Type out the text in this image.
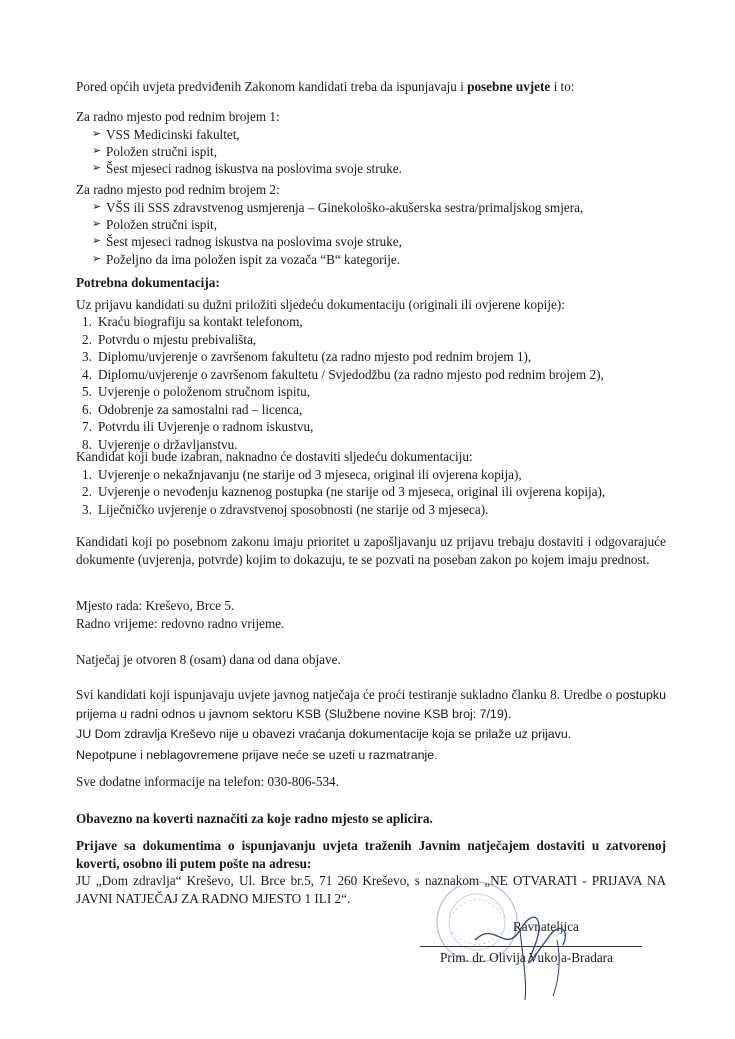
Pored općih uvjeta predviđenih Zakonom kandidati treba da ispunjavaju i posebne uvjete i to:

Za radno mjesto pod rednim brojem 1:

➢ VSS Medicinski fakultet,
➢ Položen stručni ispit,
➢ Šest mjeseci radnog iskustva na poslovima svoje struke.

Za radno mjesto pod rednim brojem 2:

➢ VŠS ili SSS zdravstvenog usmjerenja – Ginekološko-akušerska sestra/primaljskog smjera,
➢ Položen stručni ispit,
➢ Šest mjeseci radnog iskustva na poslovima svoje struke,
➢ Poželjno da ima položen ispit za vozača “B“ kategorije.

Potrebna dokumentacija:

Uz prijavu kandidati su dužni priložiti sljedeću dokumentaciju (originali ili ovjerene kopije):

1. Kraću biografiju sa kontakt telefonom,
2. Potvrdu o mjestu prebivališta,
3. Diplomu/uvjerenje o završenom fakultetu (za radno mjesto pod rednim brojem 1),
4. Diplomu/uvjerenje o završenom fakultetu / Svjedodžbu (za radno mjesto pod rednim brojem 2),
5. Uvjerenje o položenom stručnom ispitu,
6. Odobrenje za samostalni rad – licenca,
7. Potvrdu ili Uvjerenje o radnom iskustvu,
8. Uvjerenje o državljanstvu.

Kandidat koji bude izabran, naknadno će dostaviti sljedeću dokumentaciju:

1. Uvjerenje o nekažnjavanju (ne starije od 3 mjeseca, original ili ovjerena kopija),
2. Uvjerenje o nevođenju kaznenog postupka (ne starije od 3 mjeseca, original ili ovjerena kopija),
3. Liječničko uvjerenje o zdravstvenoj sposobnosti (ne starije od 3 mjeseca).

Kandidati koji po posebnom zakonu imaju prioritet u zapošljavanju uz prijavu trebaju dostaviti i odgovarajuće dokumente (uvjerenja, potvrde) kojim to dokazuju, te se pozvati na poseban zakon po kojem imaju prednost.

Mjesto rada: Kreševo, Brce 5.

Radno vrijeme: redovno radno vrijeme.

Natječaj je otvoren 8 (osam) dana od dana objave.

Svi kandidati koji ispunjavaju uvjete javnog natječaja će proći testiranje sukladno članku 8. Uredbe o postupku prijema u radni odnos u javnom sektoru KSB (Službene novine KSB broj: 7/19).

JU Dom zdravlja Kreševo nije u obavezi vraćanja dokumentacije koja se prilaže uz prijavu.

Nepotpune i neblagovremene prijave neće se uzeti u razmatranje.

Sve dodatne informacije na telefon: 030-806-534.

Obavezno na koverti naznačiti za koje radno mjesto se aplicira.

Prijave sa dokumentima o ispunjavanju uvjeta traženih Javnim natječajem dostaviti u zatvorenoj koverti, osobno ili putem pošte na adresu:

JU „Dom zdravlja“ Kreševo, Ul. Brce br.5, 71 260 Kreševo, s naznakom „NE OTVARATI - PRIJAVA NA JAVNI NATJEČAJ ZA RADNO MJESTO 1 ILI 2“.

Ravnateljica
Prim. dr. Olivija Vukoja-Bradara
